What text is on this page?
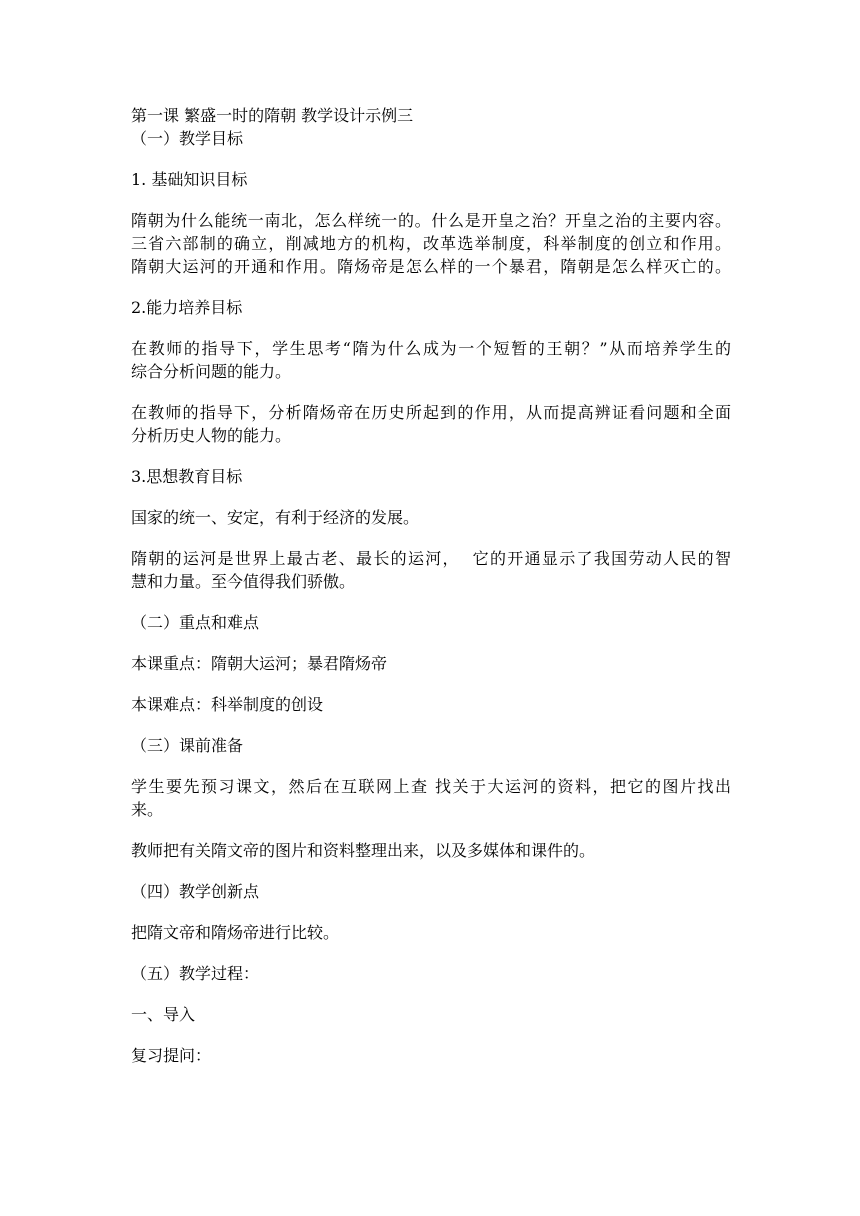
第一课 繁盛一时的隋朝 教学设计示例三
（一）教学目标
1. 基础知识目标
隋朝为什么能统一南北，怎么样统一的。什么是开皇之治？开皇之治的主要内容。
三省六部制的确立，削减地方的机构，改革选举制度，科举制度的创立和作用。
隋朝大运河的开通和作用。隋炀帝是怎么样的一个暴君，隋朝是怎么样灭亡的。
2.能力培养目标
在教师的指导下，学生思考“隋为什么成为一个短暂的王朝？”从而培养学生的
综合分析问题的能力。
在教师的指导下，分析隋炀帝在历史所起到的作用，从而提高辨证看问题和全面
分析历史人物的能力。
3.思想教育目标
国家的统一、安定，有利于经济的发展。
隋朝的运河是世界上最古老、最长的运河，  它的开通显示了我国劳动人民的智
慧和力量。至今值得我们骄傲。
（二）重点和难点
本课重点：隋朝大运河；暴君隋炀帝
本课难点：科举制度的创设
（三）课前准备
学生要先预习课文，然后在互联网上查 找关于大运河的资料，把它的图片找出
来。
教师把有关隋文帝的图片和资料整理出来，以及多媒体和课件的。
（四）教学创新点
把隋文帝和隋炀帝进行比较。
（五）教学过程：
一、导入
复习提问：
